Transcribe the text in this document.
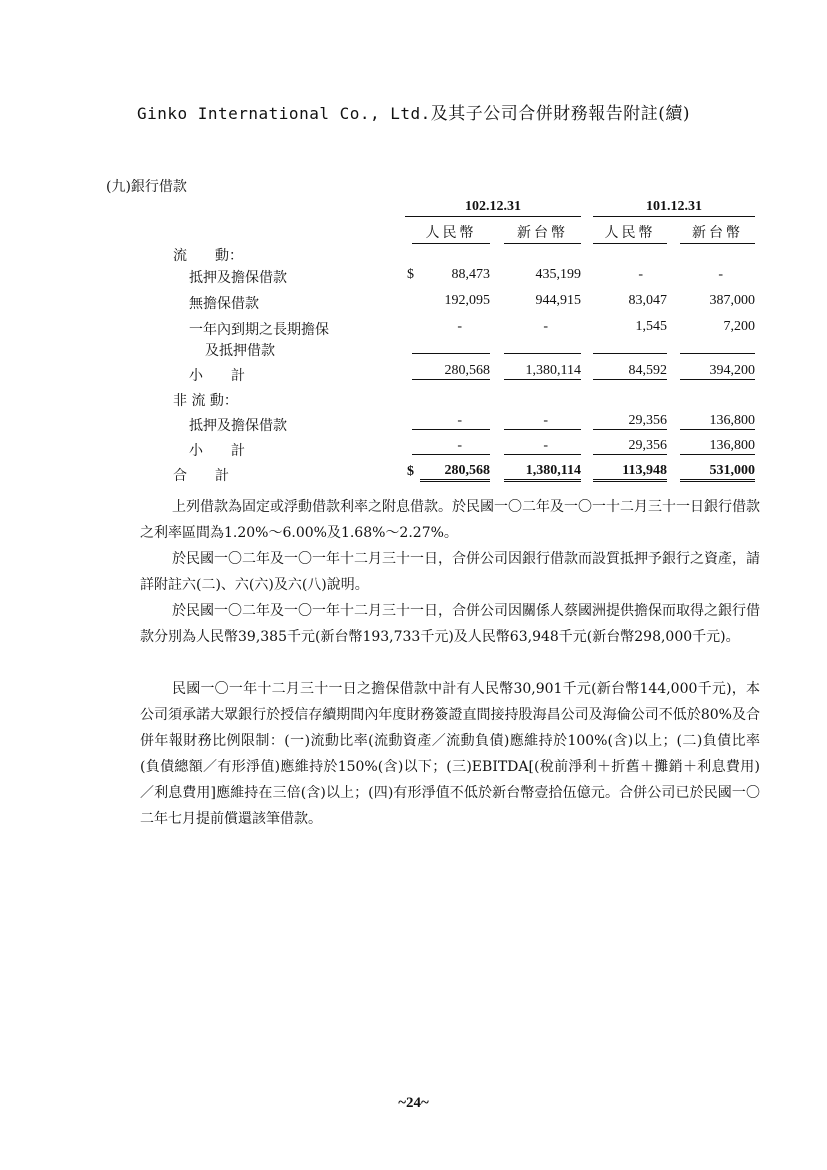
Ginko International Co., Ltd.及其子公司合併財務報告附註(續)
(九)銀行借款
102.12.31	101.12.31
人民幣	新台幣	人民幣	新台幣
流　　動：
抵押及擔保借款	$	88,473	435,199	-	-
無擔保借款	192,095	944,915	83,047	387,000
一年內到期之長期擔保
及抵押借款
-	-	1,545	7,200
小　　計	280,568	1,380,114	84,592	394,200
非 流 動：
抵押及擔保借款	-	-	29,356	136,800
小　　計	-	-	29,356	136,800
合　　計	$	280,568	1,380,114	113,948	531,000
上列借款為固定或浮動借款利率之附息借款。於民國一〇二年及一〇一十二月三十一日銀行借款之利率區間為1.20%～6.00%及1.68%～2.27%。
於民國一〇二年及一〇一年十二月三十一日，合併公司因銀行借款而設質抵押予銀行之資產，請詳附註六(二)、六(六)及六(八)說明。
於民國一〇二年及一〇一年十二月三十一日，合併公司因關係人蔡國洲提供擔保而取得之銀行借款分別為人民幣39,385千元(新台幣193,733千元)及人民幣63,948千元(新台幣298,000千元)。
民國一〇一年十二月三十一日之擔保借款中計有人民幣30,901千元(新台幣144,000千元)，本公司須承諾大眾銀行於授信存續期間內年度財務簽證直間接持股海昌公司及海倫公司不低於80%及合併年報財務比例限制：(一)流動比率(流動資產／流動負債)應維持於100%(含)以上；(二)負債比率(負債總額／有形淨值)應維持於150%(含)以下；(三)EBITDA[(稅前淨利＋折舊＋攤銷＋利息費用)／利息費用]應維持在三倍(含)以上；(四)有形淨值不低於新台幣壹拾伍億元。合併公司已於民國一〇二年七月提前償還該筆借款。
~24~
